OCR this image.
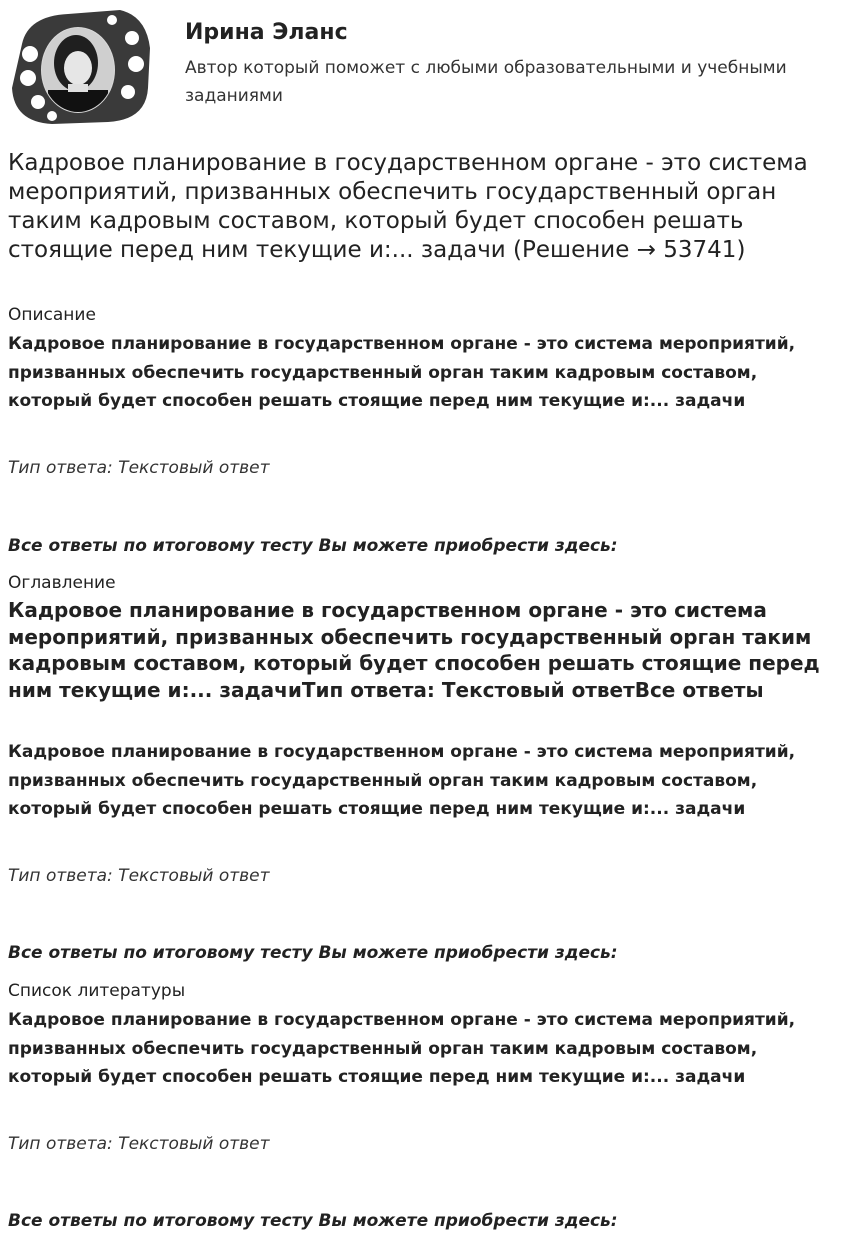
Ирина Эланс
Автор который поможет с любыми образовательными и учебными заданиями
Кадровое планирование в государственном органе - это система мероприятий, призванных обеспечить государственный орган таким кадровым составом, который будет способен решать стоящие перед ним текущие и:... задачи (Решение → 53741)
Описание
Кадровое планирование в государственном органе - это система мероприятий, призванных обеспечить государственный орган таким кадровым составом, который будет способен решать стоящие перед ним текущие и:... задачи
Тип ответа: Текстовый ответ
Все ответы по итоговому тесту Вы можете приобрести здесь:
Оглавление
Кадровое планирование в государственном органе - это система мероприятий, призванных обеспечить государственный орган таким кадровым составом, который будет способен решать стоящие перед ним текущие и:... задачиТип ответа: Текстовый ответВсе ответы
Кадровое планирование в государственном органе - это система мероприятий, призванных обеспечить государственный орган таким кадровым составом, который будет способен решать стоящие перед ним текущие и:... задачи
Тип ответа: Текстовый ответ
Все ответы по итоговому тесту Вы можете приобрести здесь:
Список литературы
Кадровое планирование в государственном органе - это система мероприятий, призванных обеспечить государственный орган таким кадровым составом, который будет способен решать стоящие перед ним текущие и:... задачи
Тип ответа: Текстовый ответ
Все ответы по итоговому тесту Вы можете приобрести здесь:
